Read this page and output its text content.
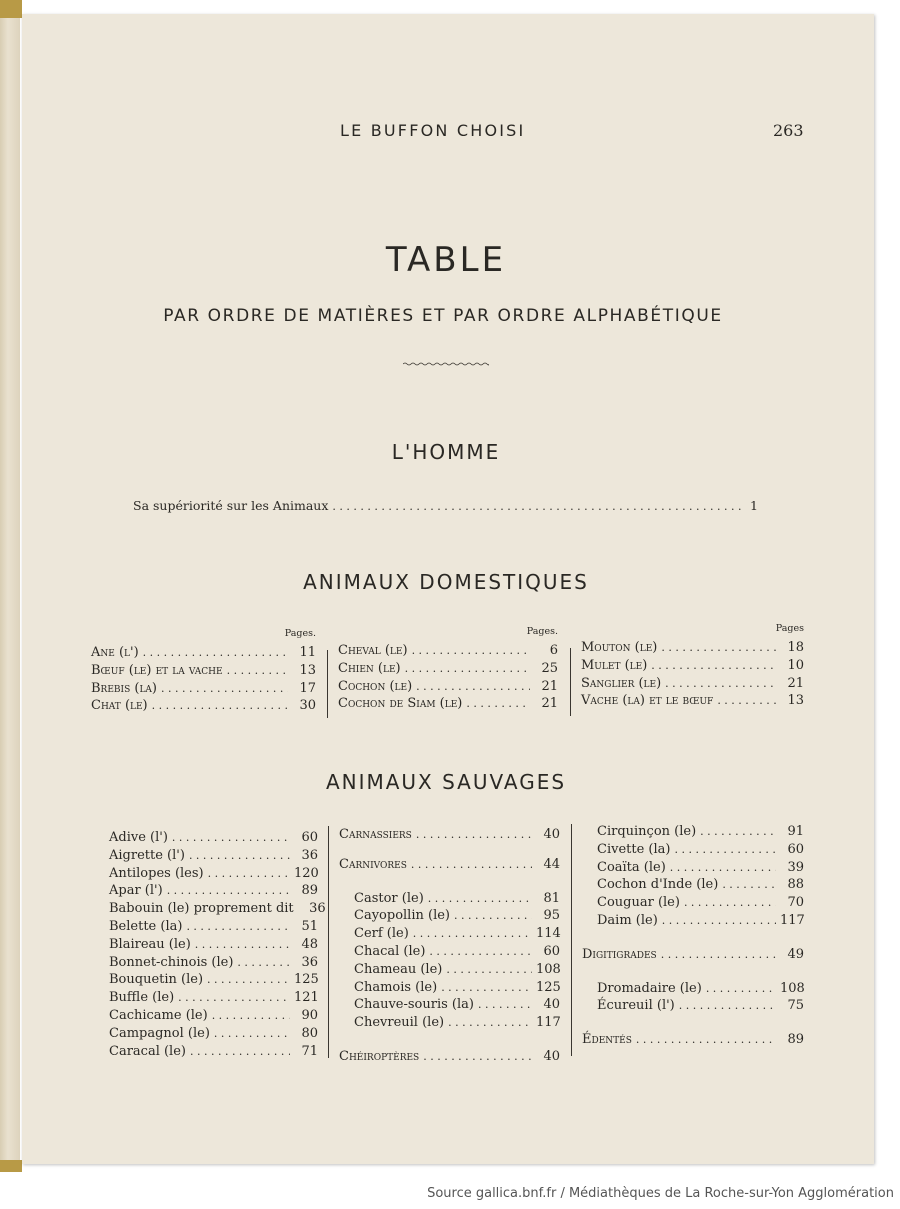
LE BUFFON CHOISI	263
TABLE
PAR ORDRE DE MATIÈRES ET PAR ORDRE ALPHABÉTIQUE
L'HOMME
Sa supériorité sur les Animaux . . .	1
ANIMAUX DOMESTIQUES
Pages.
Ane (l') . . .	11
Bœuf (le) et la vache . . .	13
Brebis (la) . . .	17
Chat (le) . . .	30
Pages.
Cheval (le) . . .	6
Chien (le) . . .	25
Cochon (le) . . .	21
Cochon de Siam (le) . . .	21
Pages
Mouton (le) . . .	18
Mulet (le) . . .	10
Sanglier (le) . . .	21
Vache (la) et le bœuf . . .	13
ANIMAUX SAUVAGES
Adive (l') . . .	60
Aigrette (l') . . .	36
Antilopes (les) . . .	120
Apar (l') . . .	89
Babouin (le) proprement dit	36
Belette (la) . . .	51
Blaireau (le) . . .	48
Bonnet-chinois (le) . . .	36
Bouquetin (le) . . .	125
Buffle (le) . . .	121
Cachicame (le) . . .	90
Campagnol (le) . . .	80
Caracal (le) . . .	71
Carnassiers . . .	40
Carnivores . . .	44
Castor (le) . . .	81
Cayopollin (le) . . .	95
Cerf (le) . . .	114
Chacal (le) . . .	60
Chameau (le) . . .	108
Chamois (le) . . .	125
Chauve-souris (la) . . .	40
Chevreuil (le) . . .	117
Chéiroptères . . .	40
Cirquinçon (le) . . .	91
Civette (la) . . .	60
Coaïta (le) . . .	39
Cochon d'Inde (le) . . .	88
Couguar (le) . . .	70
Daim (le) . . .	117
Digitigrades . . .	49
Dromadaire (le) . . .	108
Écureuil (l') . . .	75
Édentés . . .	89
Source gallica.bnf.fr / Médiathèques de La Roche-sur-Yon Agglomération
